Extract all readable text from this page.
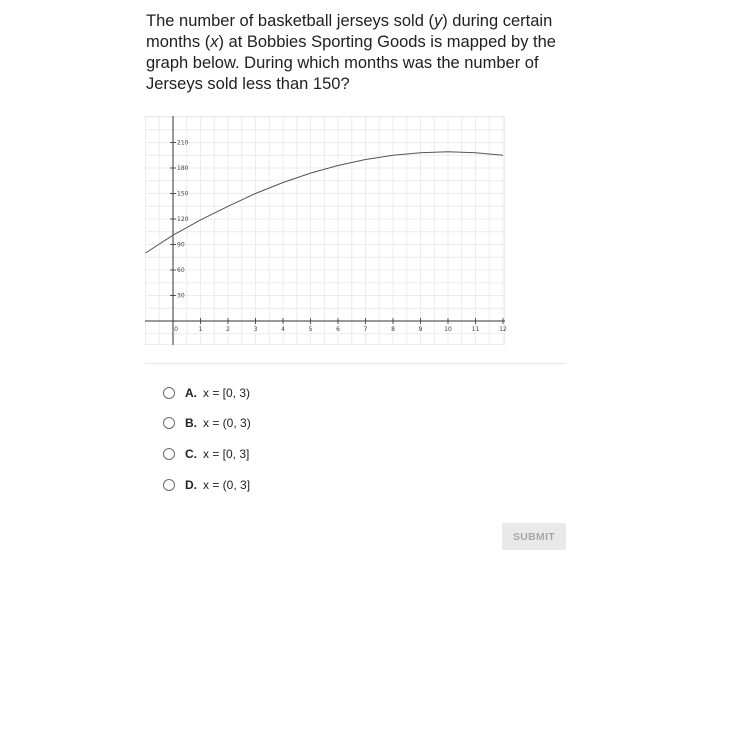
The number of basketball jerseys sold (y) during certain months (x) at Bobbies Sporting Goods is mapped by the graph below. During which months was the number of Jerseys sold less than 150?
0	1	2	3	4	5	6	7	8	9	10	11	12
30
60
90
120
150
180
210
A. x = [0, 3)
B. x = (0, 3)
C. x = [0, 3]
D. x = (0, 3]
SUBMIT
